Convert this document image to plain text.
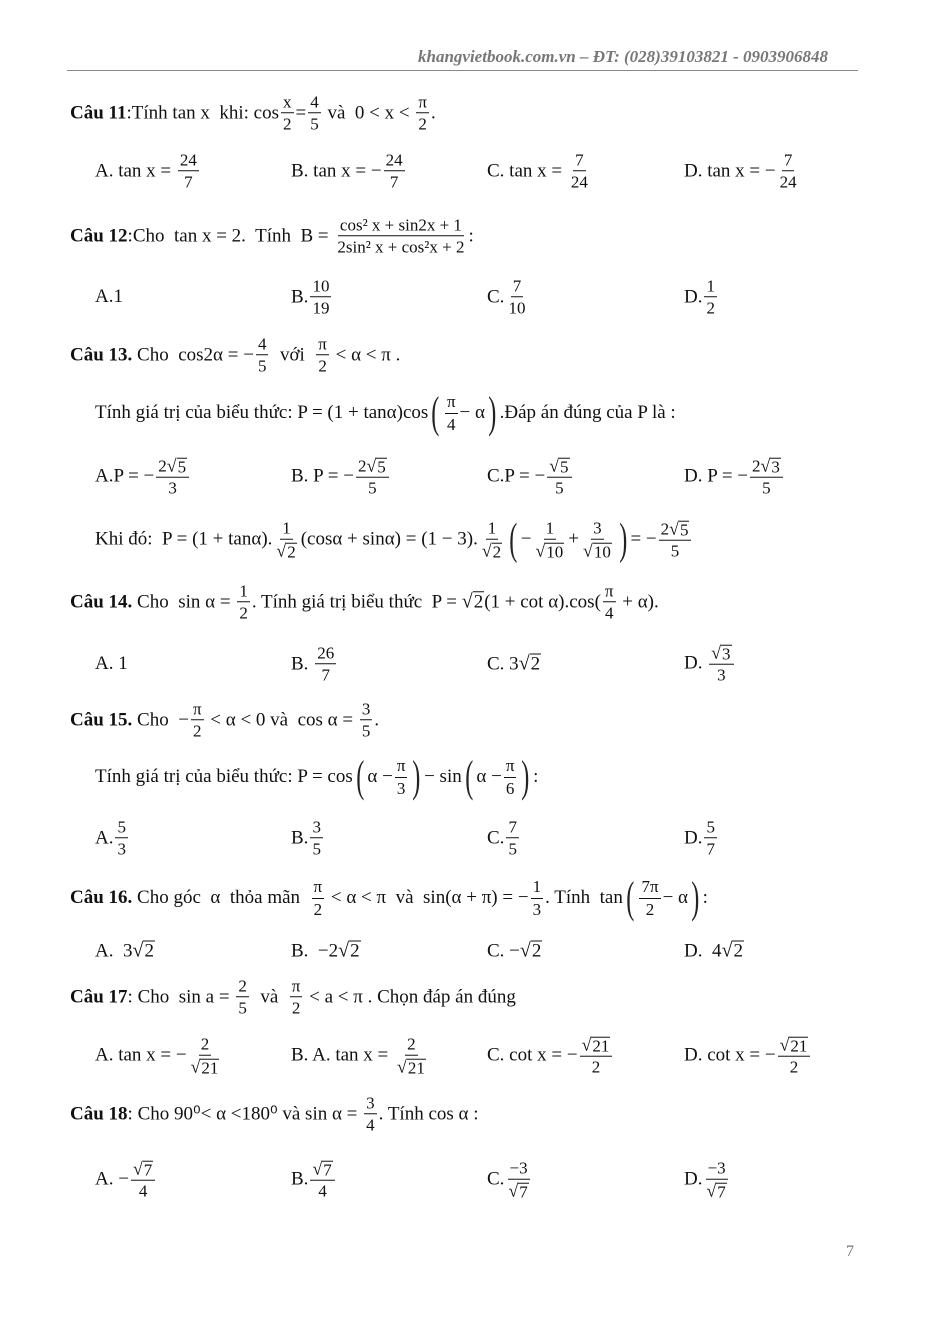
khangvietbook.com.vn – ĐT: (028)39103821 - 0903906848
Câu 11 :Tính tan x  khi: $\cos \frac{x}{2} = \frac{4}{5}$ và  $0 < x < \frac{\pi}{2}$ .
A. $\tan x = \frac{24}{7}$	B. tan x = − $\frac{24}{7}$	C. $\tan x = \frac{7}{24}$	D. tan x = − $\frac{7}{24}$
Câu 12 :Cho  tan x = 2.  Tính  $B = \frac{\text{cos² x + sin2x + 1}}{\text{2sin² x + cos²x + 2}}$ :
A.1	B. $\frac{10}{19}$	C. $\frac{7}{10}$	D. $\frac{1}{2}$
Câu 13. Cho  cos2α = − $\frac{4}{5}$ với $\frac{\pi}{2} < \alpha < \pi$ .
Tính giá trị của biểu thức: P = (1 + tanα)cos ( $\frac{\pi}{4} - \alpha$ ) .Đáp án đúng của P là :
A.P = − $\frac{2 √ 5}{3}$	B. P = − $\frac{2 √ 5}{5}$	C.P = − $\frac{√ 5}{5}$	D. P = − $\frac{2 √ 3}{5}$
Khi đó:  P = (1 + tanα). $\frac{1}{√ 2} (\cos\alpha + \sin\alpha) = (1 - 3)$. $\frac{1}{√ 2}$ ( − $\frac{1}{√ 10} + \frac{3}{√ 10}$ ) = − $\frac{2 √ 5}{5}$
Câu 14. Cho  $\sin \alpha = \frac{1}{2}$ . Tính giá trị biểu thức  P = √ 2 $(1 + \cot \alpha).\cos( \frac{\pi}{4} + \alpha)$.
A. 1	B. $\frac{26}{7}$	C. 3 √ 2	D. $\frac{√ 3}{3}$
Câu 15. Cho  − $\frac{\pi}{2} < \alpha < 0$ và  $\cos \alpha = \frac{3}{5}$ .
Tính giá trị của biểu thức: P = cos ( $\alpha - \frac{\pi}{3}$ ) − sin ( $\alpha - \frac{\pi}{6}$ ) :
A. $\frac{5}{3}$	B. $\frac{3}{5}$	C. $\frac{7}{5}$	D. $\frac{5}{7}$
Câu 16. Cho góc  α  thỏa mãn $\frac{\pi}{2} < \alpha < \pi$  và  sin(α + π) = − $\frac{1}{3}$ . Tính  tan ( $\frac{7\pi}{2} - \alpha$ ) :
A.  3 √ 2	B.  −2 √ 2	C. − √ 2	D.  4 √ 2
Câu 17 : Cho  $\sin a = \frac{2}{5}$ và $\frac{\pi}{2} < a < \pi$ . Chọn đáp án đúng
A. tan x = − $\frac{2}{√ 21}$	B. A. $\tan x = \frac{2}{√ 21}$	C. cot x = − $\frac{√ 21}{2}$	D. cot x = − $\frac{√ 21}{2}$
Câu 18 : Cho 90⁰< α <180⁰ và $\sin \alpha = \frac{3}{4}$ . Tính cos α :
A. − $\frac{√ 7}{4}$	B. $\frac{√ 7}{4}$	C. $\frac{-3}{√ 7}$	D. $\frac{-3}{√ 7}$
7
